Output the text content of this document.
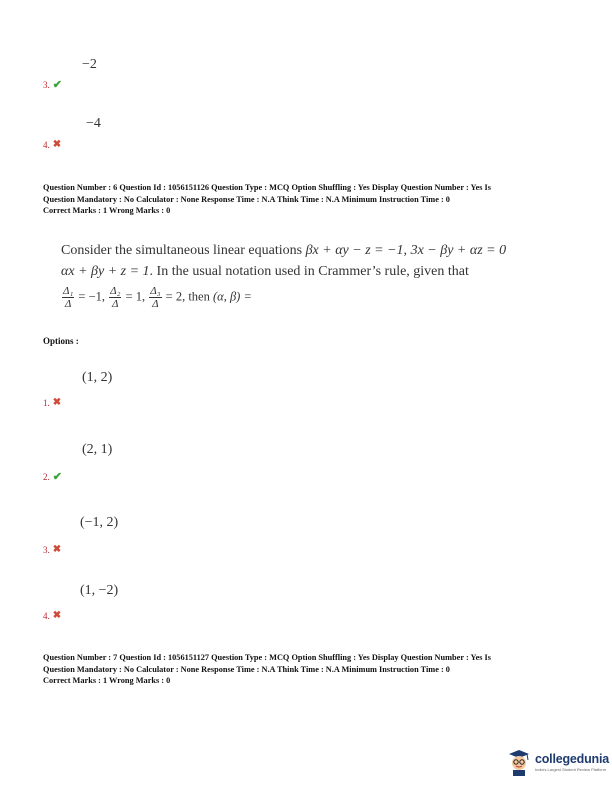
−2
3. ✔
−4
4. ✖
Question Number : 6 Question Id : 1056151126 Question Type : MCQ Option Shuffling : Yes Display Question Number : Yes Is
Question Mandatory : No Calculator : None Response Time : N.A Think Time : N.A Minimum Instruction Time : 0
Correct Marks : 1 Wrong Marks : 0
Consider the simultaneous linear equations βx + αy − z = −1, 3x − βy + αz = 0
αx + βy + z = 1. In the usual notation used in Crammer’s rule, given that
$\frac{\text{Δ₁}}{\Delta} = -1$, $\frac{\text{Δ₂}}{\Delta} = 1$, $\frac{\text{Δ₃}}{\Delta} = 2$, then (α, β) =
Options :
(1, 2)
1. ✖
(2, 1)
2. ✔
(−1, 2)
3. ✖
(1, −2)
4. ✖
Question Number : 7 Question Id : 1056151127 Question Type : MCQ Option Shuffling : Yes Display Question Number : Yes Is
Question Mandatory : No Calculator : None Response Time : N.A Think Time : N.A Minimum Instruction Time : 0
Correct Marks : 1 Wrong Marks : 0
collegedunia
India's Largest Student Review Platform
